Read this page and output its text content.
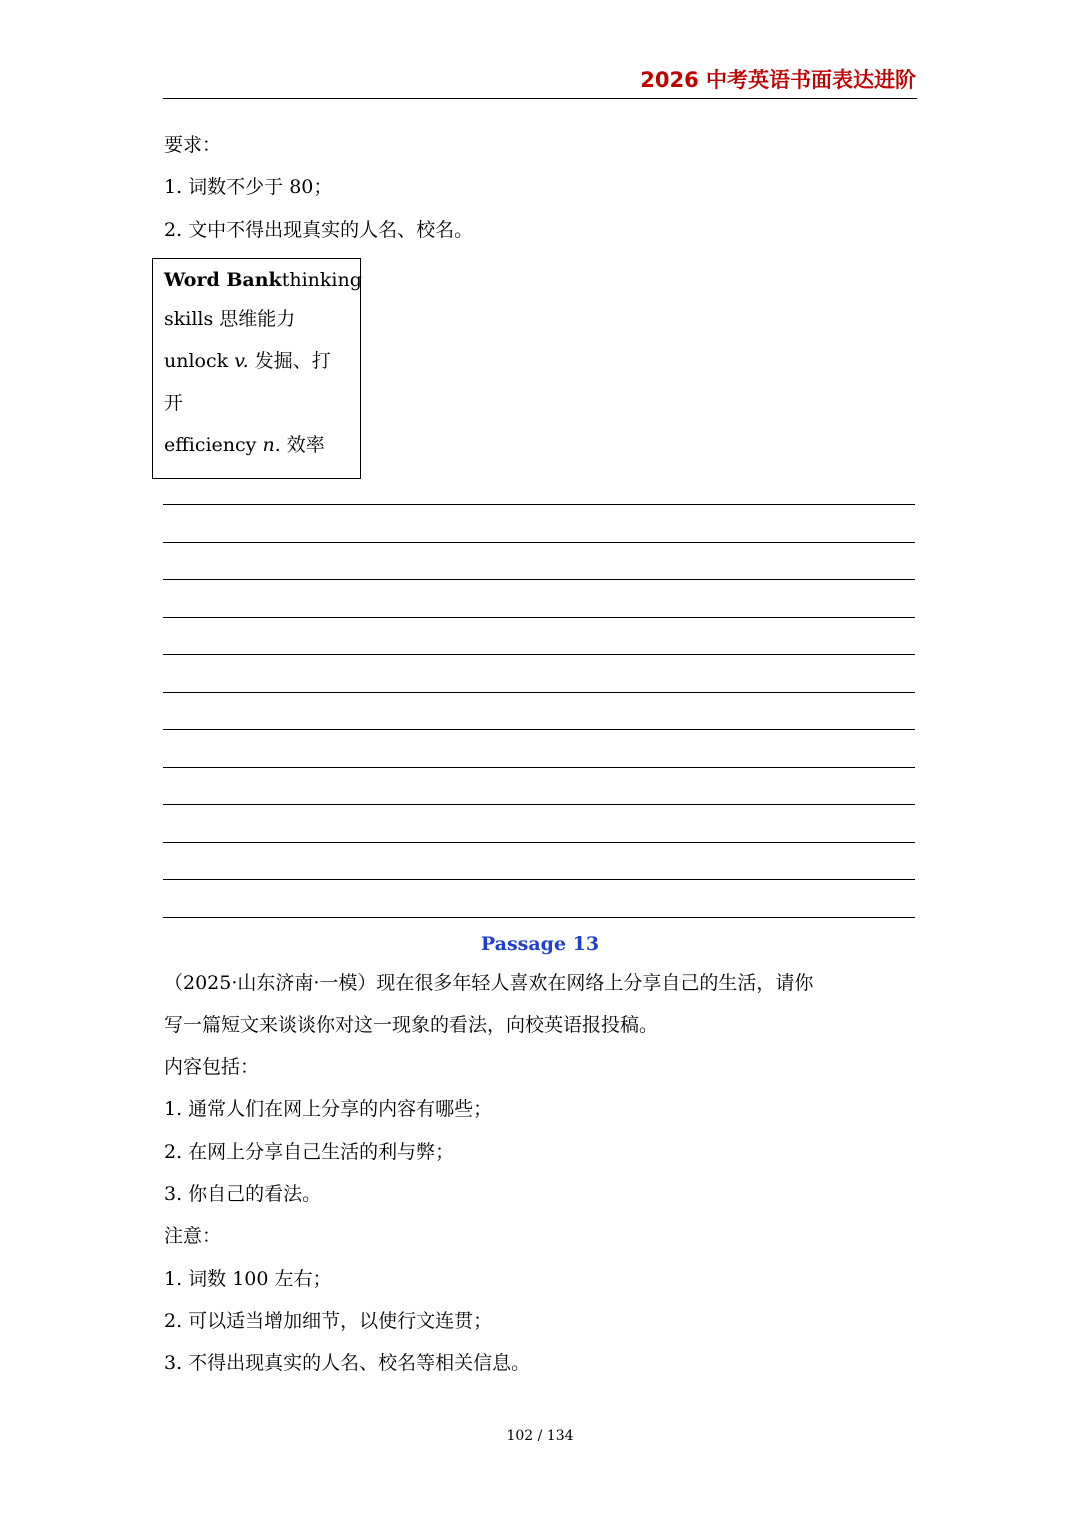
2026 中考英语书面表达进阶
要求：
1. 词数不少于 80；
2. 文中不得出现真实的人名、校名。
Word Bankthinking
skills 思维能力
unlock v. 发掘、打
开
efficiency n. 效率
Passage 13
（2025·山东济南·一模）现在很多年轻人喜欢在网络上分享自己的生活，请你
写一篇短文来谈谈你对这一现象的看法，向校英语报投稿。
内容包括：
1. 通常人们在网上分享的内容有哪些；
2. 在网上分享自己生活的利与弊；
3. 你自己的看法。
注意：
1. 词数 100 左右；
2. 可以适当增加细节，以使行文连贯；
3. 不得出现真实的人名、校名等相关信息。
102 / 134
